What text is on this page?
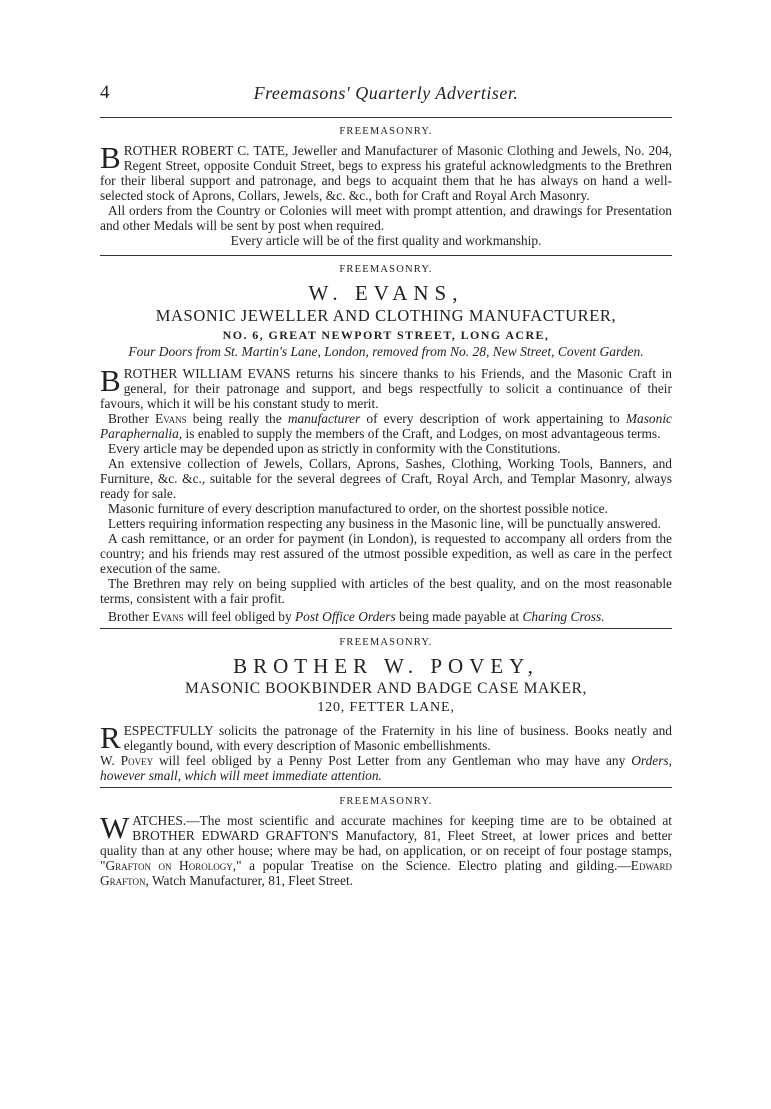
4	Freemasons' Quarterly Advertiser.
FREEMASONRY.

BROTHER ROBERT C. TATE, Jeweller and Manufacturer of Masonic Clothing and Jewels, No. 204, Regent Street, opposite Conduit Street, begs to express his grateful acknowledgments to the Brethren for their liberal support and patronage, and begs to acquaint them that he has always on hand a well-selected stock of Aprons, Collars, Jewels, &c. &c., both for Craft and Royal Arch Masonry.

All orders from the Country or Colonies will meet with prompt attention, and drawings for Presentation and other Medals will be sent by post when required.

Every article will be of the first quality and workmanship.

FREEMASONRY.
W. EVANS,
MASONIC JEWELLER AND CLOTHING MANUFACTURER,
NO. 6, GREAT NEWPORT STREET, LONG ACRE,
Four Doors from St. Martin's Lane, London, removed from No. 28, New Street, Covent Garden.

BROTHER WILLIAM EVANS returns his sincere thanks to his Friends, and the Masonic Craft in general, for their patronage and support, and begs respectfully to solicit a continuance of their favours, which it will be his constant study to merit.

Brother Evans being really the manufacturer of every description of work appertaining to Masonic Paraphernalia, is enabled to supply the members of the Craft, and Lodges, on most advantageous terms.

Every article may be depended upon as strictly in conformity with the Constitutions.

An extensive collection of Jewels, Collars, Aprons, Sashes, Clothing, Working Tools, Banners, and Furniture, &c. &c., suitable for the several degrees of Craft, Royal Arch, and Templar Masonry, always ready for sale.

Masonic furniture of every description manufactured to order, on the shortest possible notice.

Letters requiring information respecting any business in the Masonic line, will be punctually answered.

A cash remittance, or an order for payment (in London), is requested to accompany all orders from the country; and his friends may rest assured of the utmost possible expedition, as well as care in the perfect execution of the same.

The Brethren may rely on being supplied with articles of the best quality, and on the most reasonable terms, consistent with a fair profit.

Brother Evans will feel obliged by Post Office Orders being made payable at Charing Cross.

FREEMASONRY.
BROTHER W. POVEY,
MASONIC BOOKBINDER AND BADGE CASE MAKER,
120, FETTER LANE,

RESPECTFULLY solicits the patronage of the Fraternity in his line of business. Books neatly and elegantly bound, with every description of Masonic embellishments.

W. Povey will feel obliged by a Penny Post Letter from any Gentleman who may have any Orders, however small, which will meet immediate attention.

FREEMASONRY.

WATCHES.—The most scientific and accurate machines for keeping time are to be obtained at BROTHER EDWARD GRAFTON'S Manufactory, 81, Fleet Street, at lower prices and better quality than at any other house; where may be had, on application, or on receipt of four postage stamps, "Grafton on Horology," a popular Treatise on the Science. Electro plating and gilding.—Edward Grafton, Watch Manufacturer, 81, Fleet Street.
